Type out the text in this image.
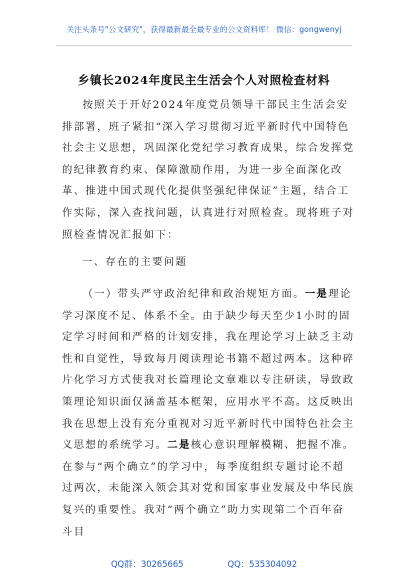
关注头条号"公文研究"，获得最新最全最专业的公文资料库！ 微信：gongwenyj
乡镇长2024年度民主生活会个人对照检查材料
按照关于开好2024年度党员领导干部民主生活会安排部署，班子紧扣“深入学习贯彻习近平新时代中国特色社会主义思想，巩固深化党纪学习教育成果，综合发挥党的纪律教育约束、保障激励作用，为进一步全面深化改革、推进中国式现代化提供坚强纪律保证”主题，结合工作实际，深入查找问题，认真进行对照检查。现将班子对照检查情况汇报如下：
一、存在的主要问题
（一）带头严守政治纪律和政治规矩方面。一是理论学习深度不足、体系不全。由于缺少每天至少1小时的固定学习时间和严格的计划安排，我在理论学习上缺乏主动性和自觉性，导致每月阅读理论书籍不超过两本。这种碎片化学习方式使我对长篇理论文章难以专注研读，导致政策理论知识面仅涵盖基本框架，应用水平不高。这反映出我在思想上没有充分重视对习近平新时代中国特色社会主义思想的系统学习。二是核心意识理解模糊、把握不准。在参与“两个确立”的学习中，每季度组织专题讨论不超过两次，未能深入领会其对党和国家事业发展及中华民族复兴的重要性。我对“两个确立”助力实现第二个百年奋斗目
QQ群：30265665	QQ：535304092
